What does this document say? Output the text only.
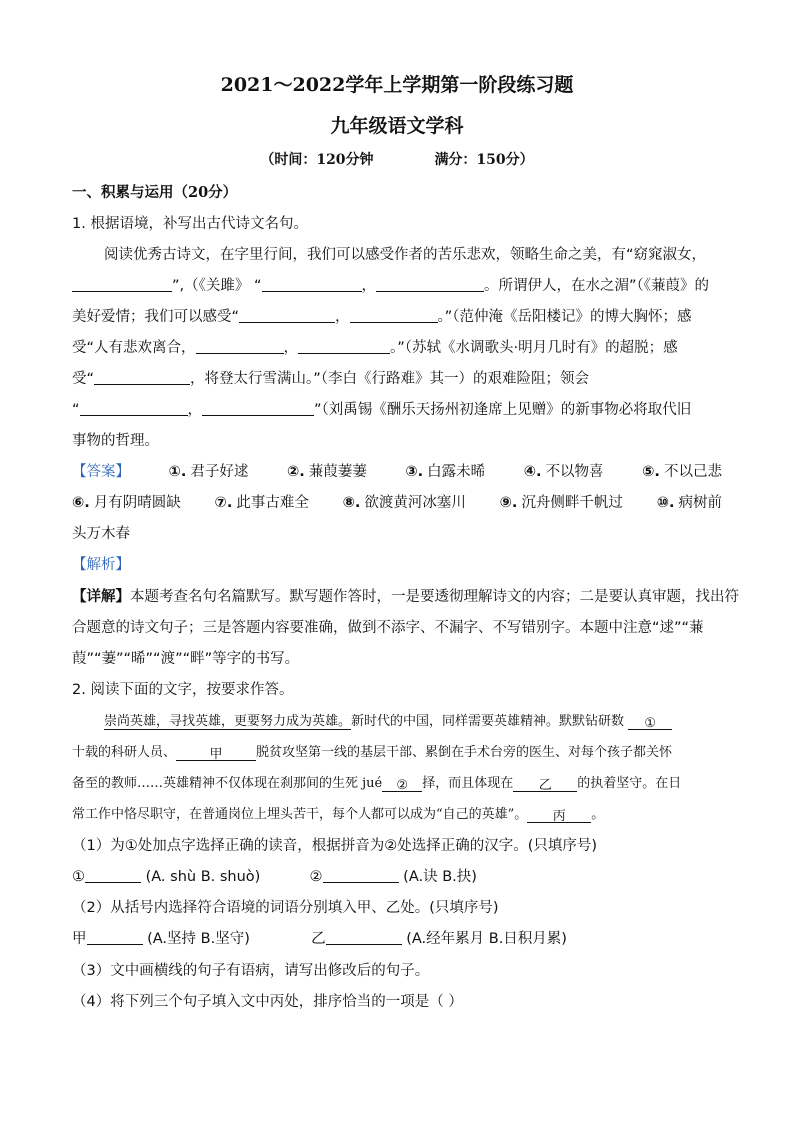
2021～2022学年上学期第一阶段练习题
九年级语文学科
（时间：120分钟	满分：150分）
一、积累与运用（20分）
1. 根据语境，补写出古代诗文名句。
阅读优秀古诗文，在字里行间，我们可以感受作者的苦乐悲欢，领略生命之美，有“窈窕淑女，
”,（《关雎》 “	，	。所谓伊人，在水之湄”（《蒹葭》的
美好爱情；我们可以感受“	，	。”（范仲淹《岳阳楼记》的博大胸怀；感
受“人有悲欢离合，	，	。”（苏轼《水调歌头·明月几时有》的超脱；感
受“	，将登太行雪满山。”（李白《行路难》其一）的艰难险阻；领会
“	，	”（刘禹锡《酬乐天扬州初逢席上见赠》的新事物必将取代旧
事物的哲理。
【答案】	①. 君子好逑	②. 蒹葭萋萋	③. 白露未晞	④. 不以物喜	⑤. 不以己悲
⑥. 月有阴晴圆缺 ⑦. 此事古难全 ⑧. 欲渡黄河冰塞川 ⑨. 沉舟侧畔千帆过 ⑩. 病树前
头万木春
【解析】
【详解】本题考查名句名篇默写。默写题作答时，一是要透彻理解诗文的内容；二是要认真审题，找出符
合题意的诗文句子；三是答题内容要准确，做到不添字、不漏字、不写错别字。本题中注意“逑”“蒹
葭”“萋”“晞”“渡”“畔”等字的书写。
2. 阅读下面的文字，按要求作答。
崇尚英雄，寻找英雄，更要努力成为英雄。新时代的中国，同样需要英雄精神。默默钻研数 ①
十载的科研人员、	甲	脱贫攻坚第一线的基层干部、累倒在手术台旁的医生、对每个孩子都关怀
备至的教师……英雄精神不仅体现在刹那间的生死 jué ② 择，而且体现在 乙 的执着坚守。在日
常工作中恪尽职守，在普通岗位上埋头苦干，每个人都可以成为“自己的英雄”。 丙 。
（1）为①处加点字选择正确的读音，根据拼音为②处选择正确的汉字。(只填序号)
①	(A. shù B. shuò)	②	(A.诀 B.抉)
（2）从括号内选择符合语境的词语分别填入甲、乙处。(只填序号)
甲	(A.坚持 B.坚守)	乙	(A.经年累月 B.日积月累)
（3）文中画横线的句子有语病，请写出修改后的句子。
（4）将下列三个句子填入文中丙处，排序恰当的一项是（ ）
